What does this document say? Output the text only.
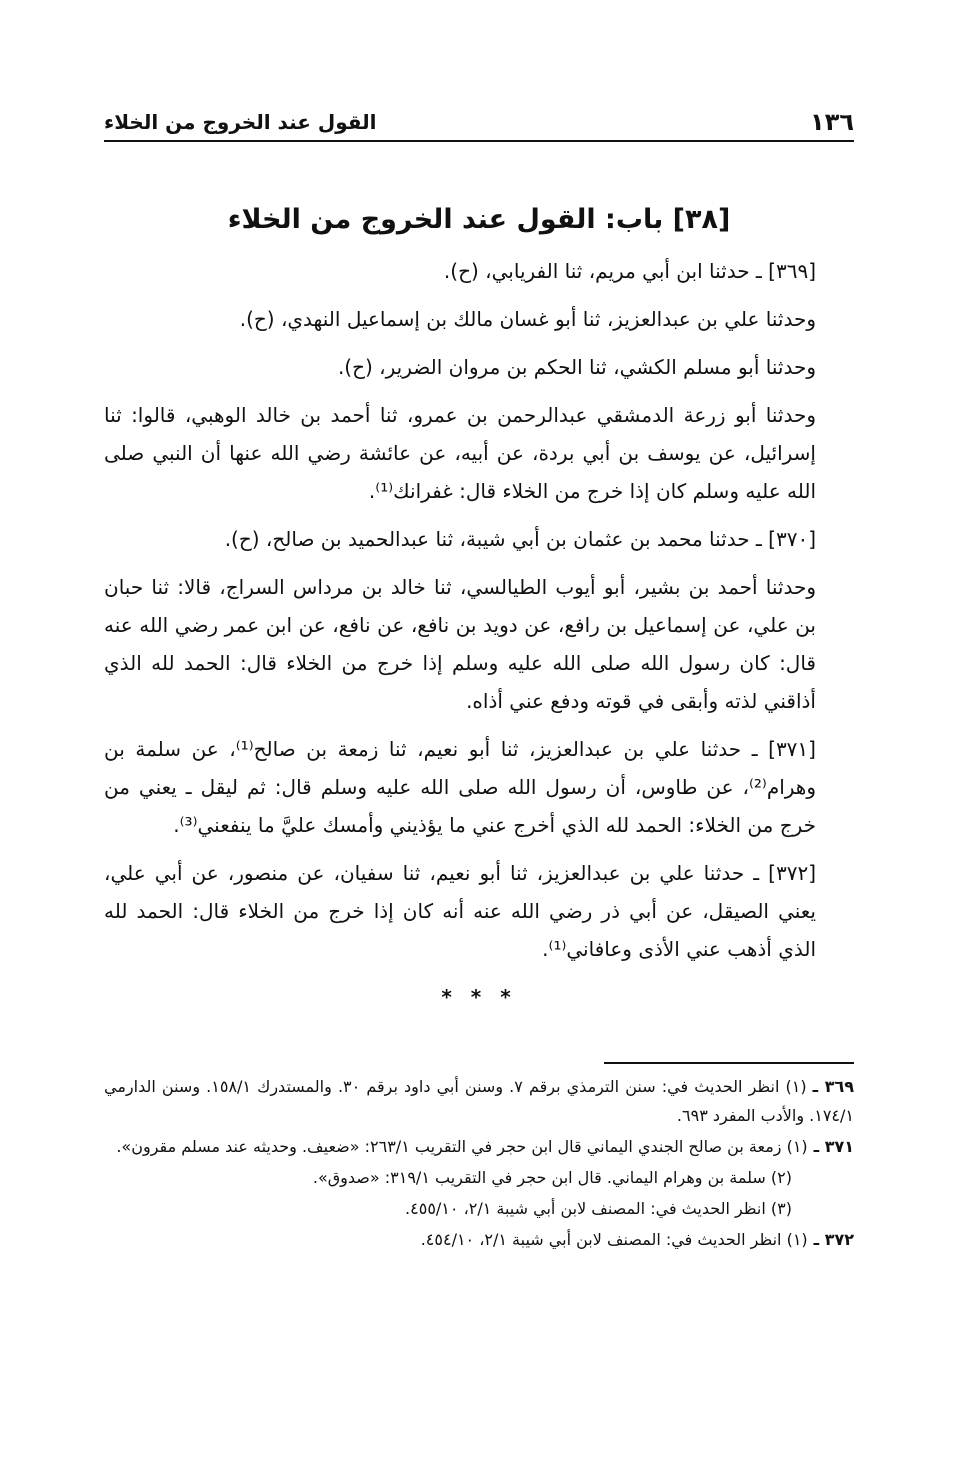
١٣٦
القول عند الخروج من الخلاء
[٣٨] باب: القول عند الخروج من الخلاء

[٣٦٩] ـ حدثنا ابن أبي مريم، ثنا الفريابي، (ح).

وحدثنا علي بن عبدالعزيز، ثنا أبو غسان مالك بن إسماعيل النهدي، (ح).

وحدثنا أبو مسلم الكشي، ثنا الحكم بن مروان الضرير، (ح).

وحدثنا أبو زرعة الدمشقي عبدالرحمن بن عمرو، ثنا أحمد بن خالد الوهبي، قالوا: ثنا إسرائيل، عن يوسف بن أبي بردة، عن أبيه، عن عائشة رضي الله عنها أن النبي صلى الله عليه وسلم كان إذا خرج من الخلاء قال: غفرانك⁽¹⁾.

[٣٧٠] ـ حدثنا محمد بن عثمان بن أبي شيبة، ثنا عبدالحميد بن صالح، (ح).

وحدثنا أحمد بن بشير، أبو أيوب الطيالسي، ثنا خالد بن مرداس السراج، قالا: ثنا حبان بن علي، عن إسماعيل بن رافع، عن دويد بن نافع، عن نافع، عن ابن عمر رضي الله عنه قال: كان رسول الله صلى الله عليه وسلم إذا خرج من الخلاء قال: الحمد لله الذي أذاقني لذته وأبقى في قوته ودفع عني أذاه.

[٣٧١] ـ حدثنا علي بن عبدالعزيز، ثنا أبو نعيم، ثنا زمعة بن صالح⁽¹⁾، عن سلمة بن وهرام⁽²⁾، عن طاوس، أن رسول الله صلى الله عليه وسلم قال: ثم ليقل ـ يعني من خرج من الخلاء: الحمد لله الذي أخرج عني ما يؤذيني وأمسك عليَّ ما ينفعني⁽³⁾.

[٣٧٢] ـ حدثنا علي بن عبدالعزيز، ثنا أبو نعيم، ثنا سفيان، عن منصور، عن أبي علي، يعني الصيقل، عن أبي ذر رضي الله عنه أنه كان إذا خرج من الخلاء قال: الحمد لله الذي أذهب عني الأذى وعافاني⁽¹⁾.

* * *

٣٦٩ ـ(١) انظر الحديث في: سنن الترمذي برقم ٧. وسنن أبي داود برقم ٣٠. والمستدرك ١٥٨/١. وسنن الدارمي ١٧٤/١. والأدب المفرد ٦٩٣.

٣٧١ ـ(١) زمعة بن صالح الجندي اليماني قال ابن حجر في التقريب ٢٦٣/١: «ضعيف. وحديثه عند مسلم مقرون».

(٢) سلمة بن وهرام اليماني. قال ابن حجر في التقريب ٣١٩/١: «صدوق».

(٣) انظر الحديث في: المصنف لابن أبي شيبة ٢/١، ٤٥٥/١٠.

٣٧٢ ـ(١) انظر الحديث في: المصنف لابن أبي شيبة ٢/١، ٤٥٤/١٠.
